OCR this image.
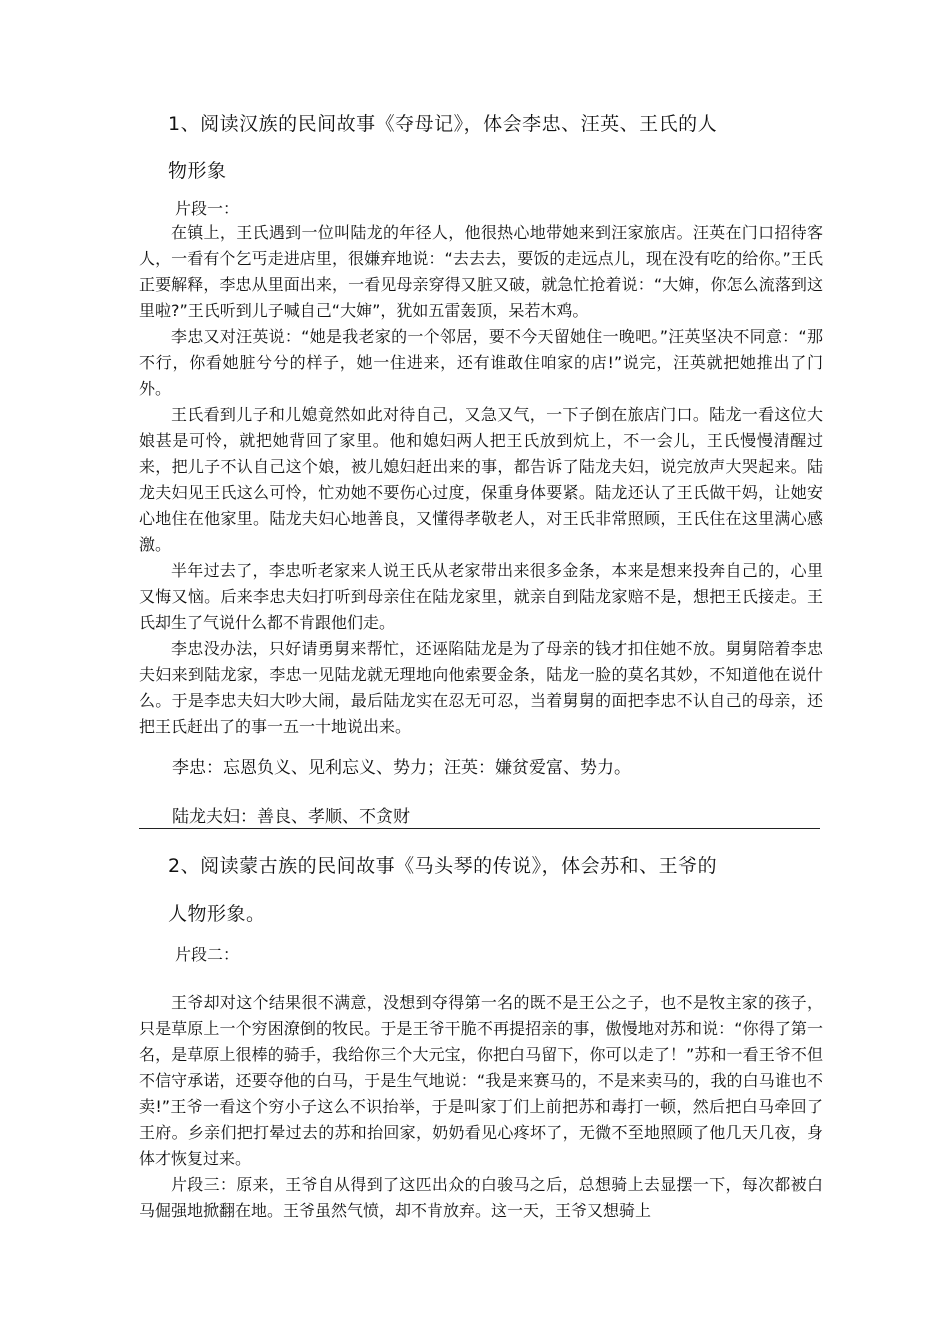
1、阅读汉族的民间故事《夺母记》，体会李忠、汪英、王氏的人
物形象
片段一：

在镇上，王氏遇到一位叫陆龙的年径人，他很热心地带她来到汪家旅店。汪英在门口招待客人，一看有个乞丐走进店里，很嫌弃地说：“去去去，要饭的走远点儿，现在没有吃的给你。”王氏正要解释，李忠从里面出来，一看见母亲穿得又脏又破，就急忙抢着说：“大婶，你怎么流落到这里啦?”王氏听到儿子喊自己“大婶”，犹如五雷轰顶，呆若木鸡。

李忠又对汪英说：“她是我老家的一个邻居，要不今天留她住一晚吧。”汪英坚决不同意：“那不行，你看她脏兮兮的样子，她一住进来，还有谁敢住咱家的店!”说完，汪英就把她推出了门外。

王氏看到儿子和儿媳竟然如此对待自己，又急又气，一下子倒在旅店门口。陆龙一看这位大娘甚是可怜，就把她背回了家里。他和媳妇两人把王氏放到炕上，不一会儿，王氏慢慢清醒过来，把儿子不认自己这个娘，被儿媳妇赶出来的事，都告诉了陆龙夫妇，说完放声大哭起来。陆龙夫妇见王氏这么可怜，忙劝她不要伤心过度，保重身体要紧。陆龙还认了王氏做干妈，让她安心地住在他家里。陆龙夫妇心地善良，又懂得孝敬老人，对王氏非常照顾，王氏住在这里满心感激。

半年过去了，李忠听老家来人说王氏从老家带出来很多金条，本来是想来投奔自己的，心里又悔又恼。后来李忠夫妇打听到母亲住在陆龙家里，就亲自到陆龙家赔不是，想把王氏接走。王氏却生了气说什么都不肯跟他们走。

李忠没办法，只好请勇舅来帮忙，还诬陷陆龙是为了母亲的钱才扣住她不放。舅舅陪着李忠夫妇来到陆龙家，李忠一见陆龙就无理地向他索要金条，陆龙一脸的莫名其妙，不知道他在说什么。于是李忠夫妇大吵大闹，最后陆龙实在忍无可忍，当着舅舅的面把李忠不认自己的母亲，还把王氏赶出了的事一五一十地说出来。

李忠：忘恩负义、见利忘义、势力；汪英：嫌贫爱富、势力。
陆龙夫妇：善良、孝顺、不贪财
2、阅读蒙古族的民间故事《马头琴的传说》，体会苏和、王爷的
人物形象。
片段二：

王爷却对这个结果很不满意，没想到夺得第一名的既不是王公之子，也不是牧主家的孩子，只是草原上一个穷困潦倒的牧民。于是王爷干脆不再提招亲的事，傲慢地对苏和说：“你得了第一名，是草原上很棒的骑手，我给你三个大元宝，你把白马留下，你可以走了！”苏和一看王爷不但不信守承诺，还要夺他的白马，于是生气地说：“我是来赛马的，不是来卖马的，我的白马谁也不卖!”王爷一看这个穷小子这么不识抬举，于是叫家丁们上前把苏和毒打一顿，然后把白马牵回了王府。乡亲们把打晕过去的苏和抬回家，奶奶看见心疼坏了，无微不至地照顾了他几天几夜，身体才恢复过来。

片段三：原来，王爷自从得到了这匹出众的白骏马之后，总想骑上去显摆一下，每次都被白马倔强地掀翻在地。王爷虽然气愤，却不肯放弃。这一天，王爷又想骑上
